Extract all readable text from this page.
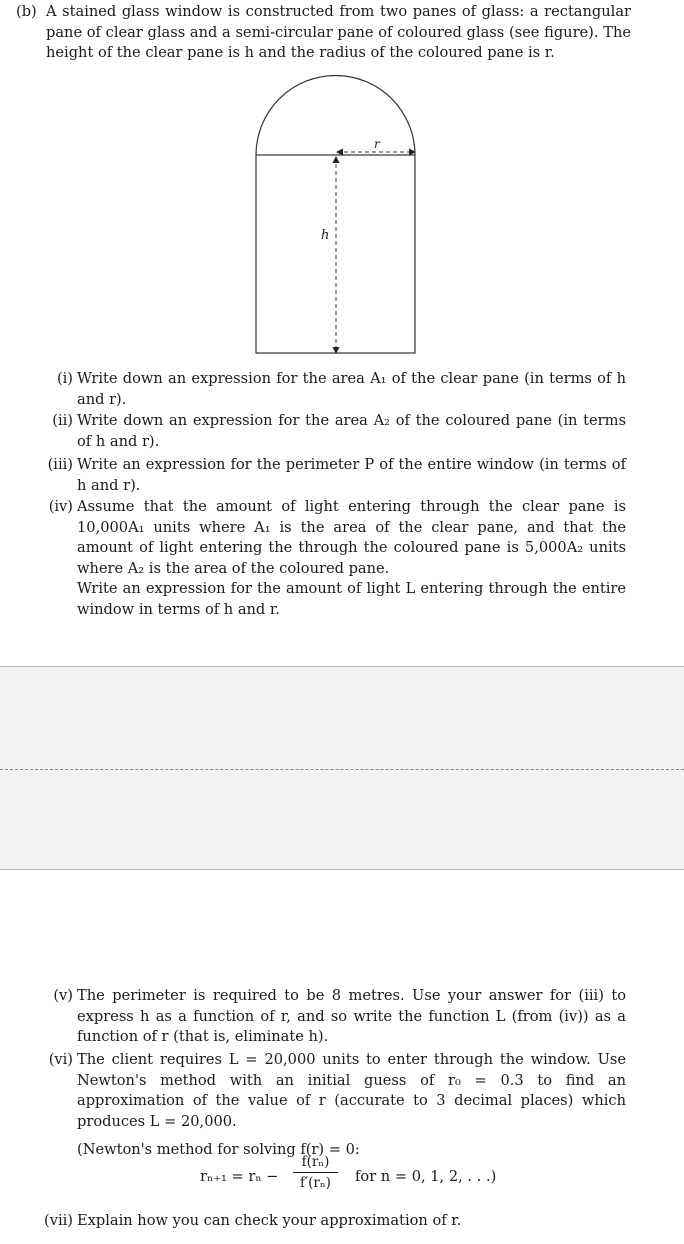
(b) A stained glass window is constructed from two panes of glass: a rectangular pane of clear glass and a semi-circular pane of coloured glass (see figure). The height of the clear pane is h and the radius of the coloured pane is r.
r
h
(i) Write down an expression for the area A₁ of the clear pane (in terms of h and r).
(ii) Write down an expression for the area A₂ of the coloured pane (in terms of h and r).
(iii) Write an expression for the perimeter P of the entire window (in terms of h and r).
(iv) Assume that the amount of light entering through the clear pane is 10,000A₁ units where A₁ is the area of the clear pane, and that the amount of light entering the through the coloured pane is 5,000A₂ units where A₂ is the area of the coloured pane.

Write an expression for the amount of light L entering through the entire window in terms of h and r.

(v) The perimeter is required to be 8 metres. Use your answer for (iii) to express h as a function of r, and so write the function L (from (iv)) as a function of r (that is, eliminate h).
(vi) The client requires L = 20,000 units to enter through the window. Use Newton's method with an initial guess of r₀ = 0.3 to find an approximation of the value of r (accurate to 3 decimal places) which produces L = 20,000.

(Newton's method for solving f(r) = 0:

rₙ₊₁ = rₙ −
f(rₙ)
f′(rₙ)	for n = 0, 1, 2, . . .)
(vii) Explain how you can check your approximation of r.
